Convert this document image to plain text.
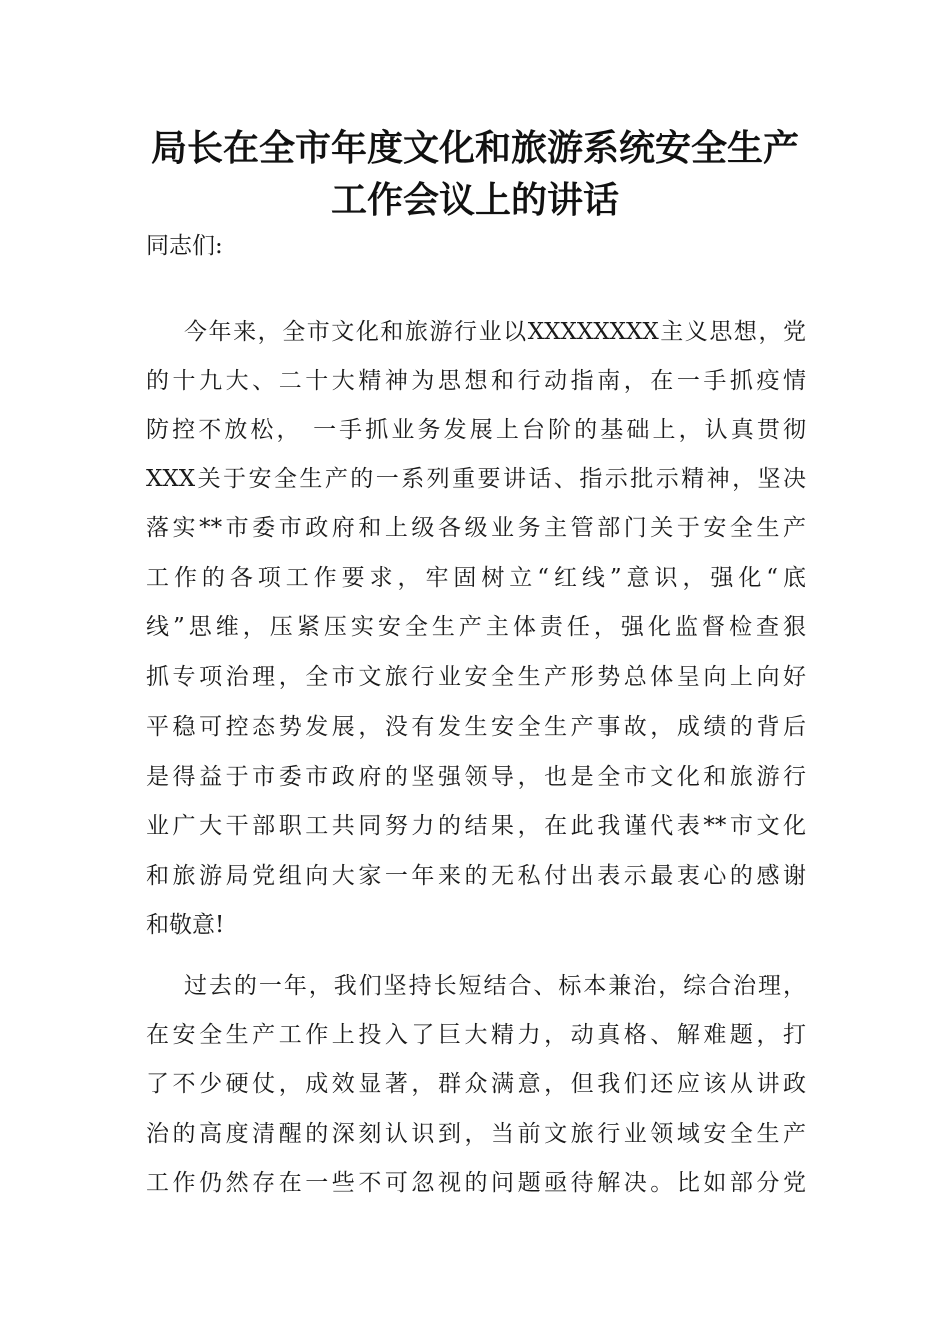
局长在全市年度文化和旅游系统安全生产
工作会议上的讲话
同志们:
今年来，全市文化和旅游行业以XXXXXXXX主义思想，党
的十九大、二十大精神为思想和行动指南，在一手抓疫情
防控不放松， 一手抓业务发展上台阶的基础上，认真贯彻
XXX关于安全生产的一系列重要讲话、指示批示精神，坚决
落实**市委市政府和上级各级业务主管部门关于安全生产
工作的各项工作要求，牢固树立“红线”意识，强化“底
线”思维，压紧压实安全生产主体责任，强化监督检查狠
抓专项治理，全市文旅行业安全生产形势总体呈向上向好
平稳可控态势发展，没有发生安全生产事故，成绩的背后
是得益于市委市政府的坚强领导，也是全市文化和旅游行
业广大干部职工共同努力的结果，在此我谨代表**市文化
和旅游局党组向大家一年来的无私付出表示最衷心的感谢
和敬意!
过去的一年，我们坚持长短结合、标本兼治，综合治理，
在安全生产工作上投入了巨大精力，动真格、解难题，打
了不少硬仗，成效显著，群众满意，但我们还应该从讲政
治的高度清醒的深刻认识到，当前文旅行业领域安全生产
工作仍然存在一些不可忽视的问题亟待解决。比如部分党
